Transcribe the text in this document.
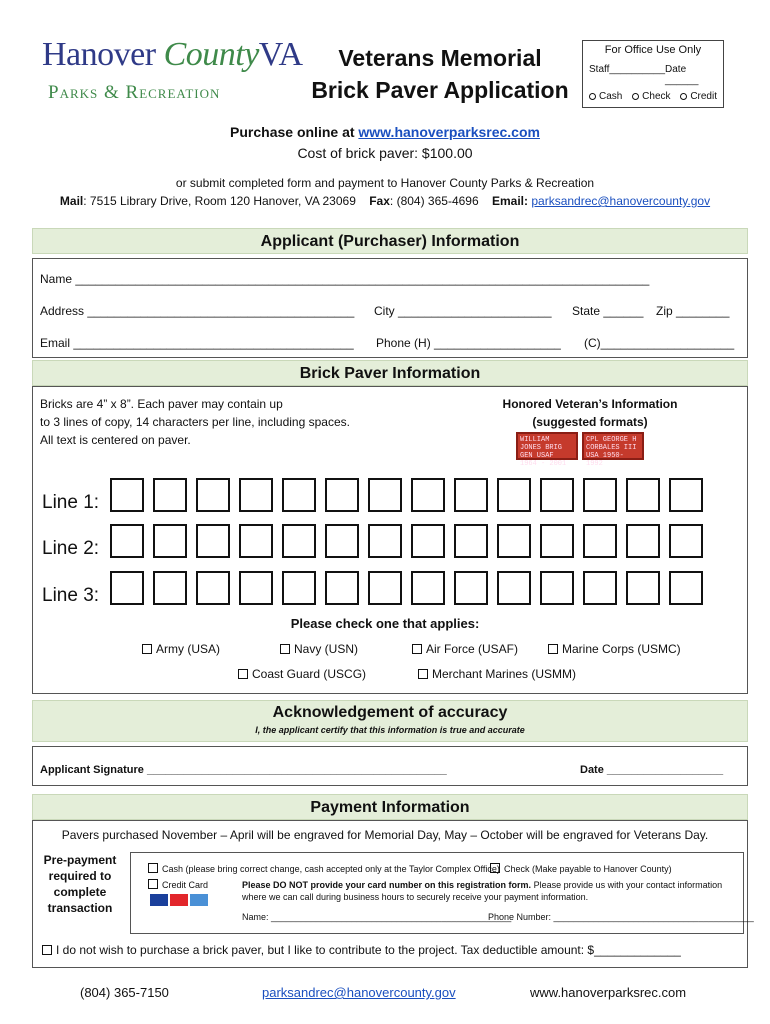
Hanover CountyVA
Parks & Recreation
Veterans Memorial
Brick Paver Application
For Office Use Only
Staff__________ Date ______
Cash	Check	Credit
Purchase online at www.hanoverparksrec.com
Cost of brick paver: $100.00
or submit completed form and payment to Hanover County Parks & Recreation
Mail: 7515 Library Drive, Room 120 Hanover, VA 23069 Fax: (804) 365-4696 Email: parksandrec@hanovercounty.gov
Applicant (Purchaser) Information
Name ______________________________________________________________________________________
Address ________________________________________ City _______________________ State ______ Zip ________
Email __________________________________________ Phone (H) ___________________ (C)____________________
Brick Paver Information
Bricks are 4” x 8”. Each paver may contain up
to 3 lines of copy, 14 characters per line, including spaces.
All text is centered on paver.
Honored Veteran’s Information
(suggested formats)
WILLIAM JONES BRIG GEN USAF 1964 - 2001
CPL GEORGE H CORBALES III USA 1950-1992
Line 1:
Line 2:
Line 3:
Please check one that applies:
Army (USA)	Navy (USN)	Air Force (USAF)	Marine Corps (USMC)
Coast Guard (USCG)	Merchant Marines (USMM)
Acknowledgement of accuracy
I, the applicant certify that this information is true and accurate
Applicant Signature _________________________________________________	Date ___________________
Payment Information
Pavers purchased November – April will be engraved for Memorial Day, May – October will be engraved for Veterans Day.
Pre-payment required to complete transaction
Cash (please bring correct change, cash accepted only at the Taylor Complex Office) Check (Make payable to Hanover County)
Credit Card	Please DO NOT provide your card number on this registration form. Please provide us with your contact information where we can call during business hours to securely receive your payment information.
Name: ________________________________________________
Phone Number: ________________________________________
I do not wish to purchase a brick paver, but I like to contribute to the project. Tax deductible amount: $_____________
(804) 365-7150	parksandrec@hanovercounty.gov	www.hanoverparksrec.com
